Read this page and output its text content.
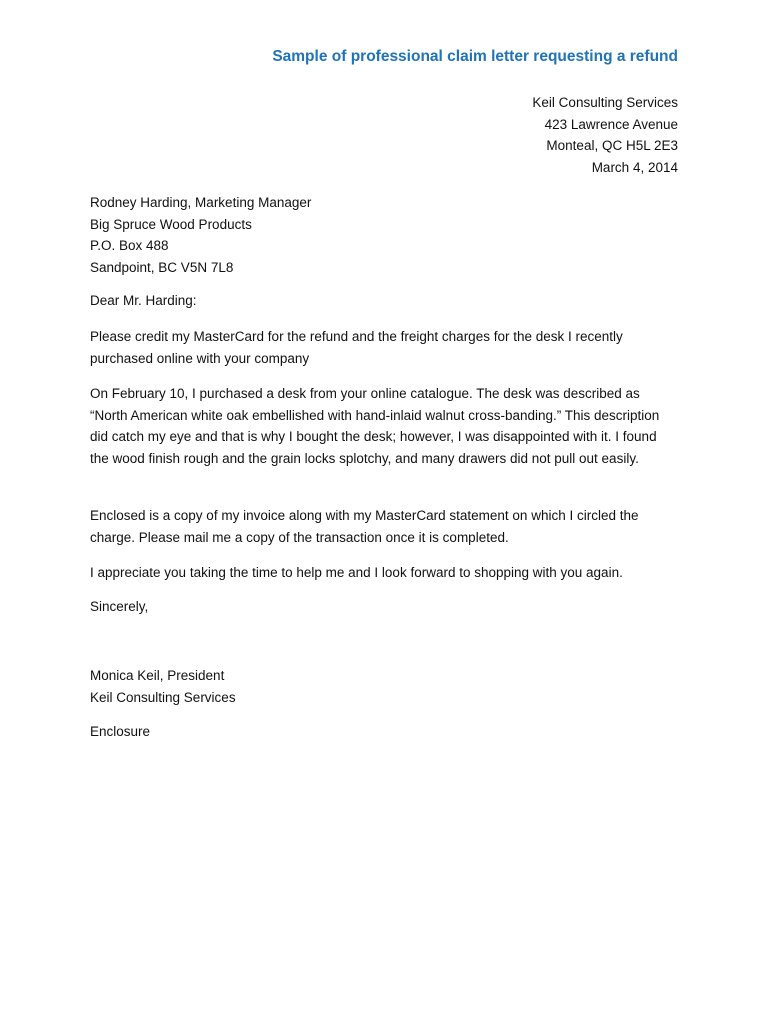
Sample of professional claim letter requesting a refund
Keil Consulting Services
423 Lawrence Avenue
Monteal, QC H5L 2E3
March 4, 2014
Rodney Harding, Marketing Manager
Big Spruce Wood Products
P.O. Box 488
Sandpoint, BC V5N 7L8
Dear Mr. Harding:

Please credit my MasterCard for the refund and the freight charges for the desk I recently purchased online with your company

On February 10, I purchased a desk from your online catalogue. The desk was described as “North American white oak embellished with hand-inlaid walnut cross-banding.” This description did catch my eye and that is why I bought the desk; however, I was disappointed with it. I found the wood finish rough and the grain locks splotchy, and many drawers did not pull out easily.

Enclosed is a copy of my invoice along with my MasterCard statement on which I circled the charge. Please mail me a copy of the transaction once it is completed.

I appreciate you taking the time to help me and I look forward to shopping with you again.

Sincerely,
Monica Keil, President
Keil Consulting Services
Enclosure
